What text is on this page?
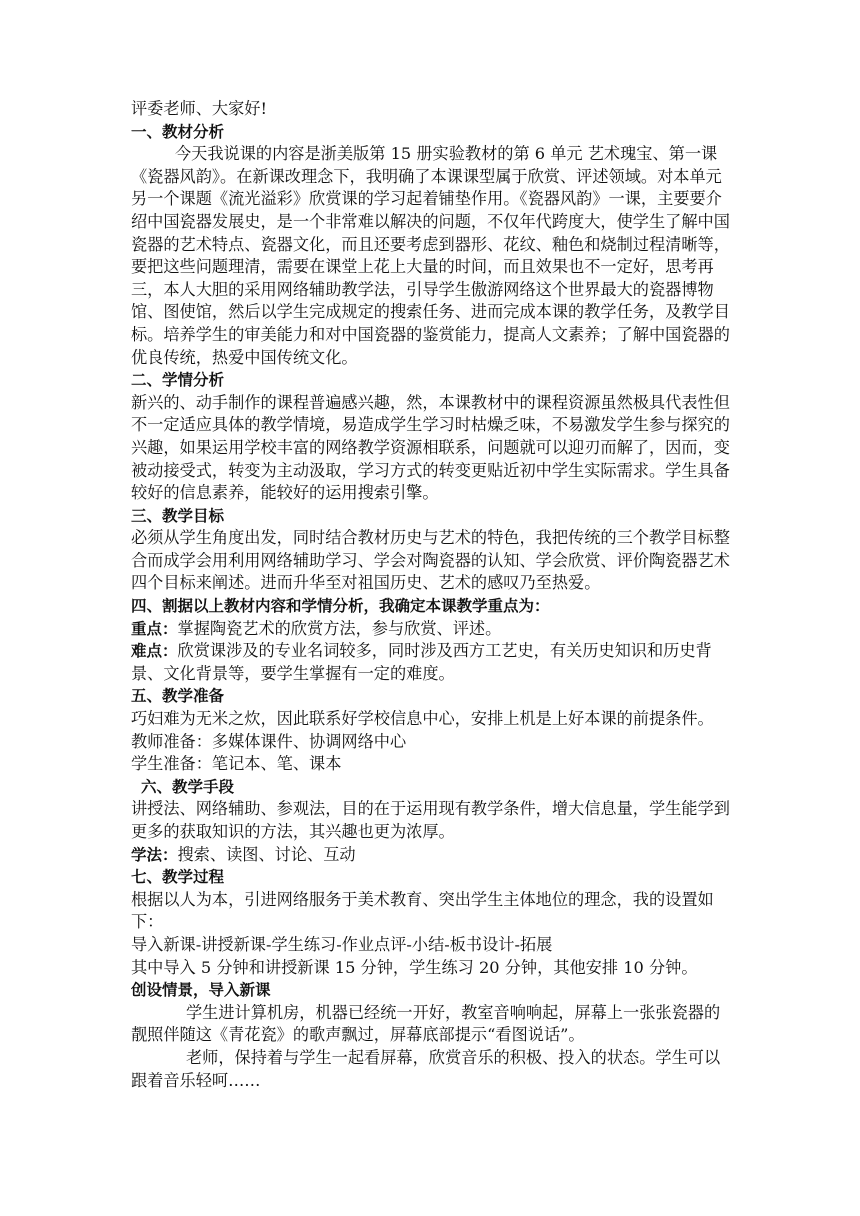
评委老师、大家好!

一、教材分析

今天我说课的内容是浙美版第 15 册实验教材的第 6 单元 艺术瑰宝、第一课《瓷器风韵》。在新课改理念下，我明确了本课课型属于欣赏、评述领域。对本单元另一个课题《流光溢彩》欣赏课的学习起着铺垫作用。《瓷器风韵》一课，主要要介绍中国瓷器发展史，是一个非常难以解决的问题，不仅年代跨度大，使学生了解中国瓷器的艺术特点、瓷器文化，而且还要考虑到器形、花纹、釉色和烧制过程清晰等，要把这些问题理清，需要在课堂上花上大量的时间，而且效果也不一定好，思考再三，本人大胆的采用网络辅助教学法，引导学生傲游网络这个世界最大的瓷器博物馆、图使馆，然后以学生完成规定的搜索任务、进而完成本课的教学任务，及教学目标。培养学生的审美能力和对中国瓷器的鉴赏能力，提高人文素养；了解中国瓷器的优良传统，热爱中国传统文化。

二、学情分析

新兴的、动手制作的课程普遍感兴趣，然，本课教材中的课程资源虽然极具代表性但不一定适应具体的教学情境，易造成学生学习时枯燥乏味，不易激发学生参与探究的兴趣，如果运用学校丰富的网络教学资源相联系，问题就可以迎刃而解了，因而，变被动接受式，转变为主动汲取，学习方式的转变更贴近初中学生实际需求。学生具备较好的信息素养，能较好的运用搜索引擎。

三、教学目标

必须从学生角度出发，同时结合教材历史与艺术的特色，我把传统的三个教学目标整合而成学会用利用网络辅助学习、学会对陶瓷器的认知、学会欣赏、评价陶瓷器艺术四个目标来阐述。进而升华至对祖国历史、艺术的感叹乃至热爱。

四、割据以上教材内容和学情分析，我确定本课教学重点为：

重点：掌握陶瓷艺术的欣赏方法，参与欣赏、评述。

难点：欣赏课涉及的专业名词较多，同时涉及西方工艺史，有关历史知识和历史背景、文化背景等，要学生掌握有一定的难度。

五、教学准备

巧妇难为无米之炊，因此联系好学校信息中心，安排上机是上好本课的前提条件。

教师准备：多媒体课件、协调网络中心

学生准备：笔记本、笔、课本

六、教学手段

讲授法、网络辅助、参观法，目的在于运用现有教学条件，增大信息量，学生能学到更多的获取知识的方法，其兴趣也更为浓厚。

学法：搜索、读图、讨论、互动

七、教学过程

根据以人为本，引进网络服务于美术教育、突出学生主体地位的理念，我的设置如下：

导入新课-讲授新课-学生练习-作业点评-小结-板书设计-拓展

其中导入 5 分钟和讲授新课 15 分钟，学生练习 20 分钟，其他安排 10 分钟。

创设情景，导入新课

学生进计算机房，机器已经统一开好，教室音响响起，屏幕上一张张瓷器的靓照伴随这《青花瓷》的歌声飘过，屏幕底部提示“看图说话”。

老师，保持着与学生一起看屏幕，欣赏音乐的积极、投入的状态。学生可以跟着音乐轻呵……
